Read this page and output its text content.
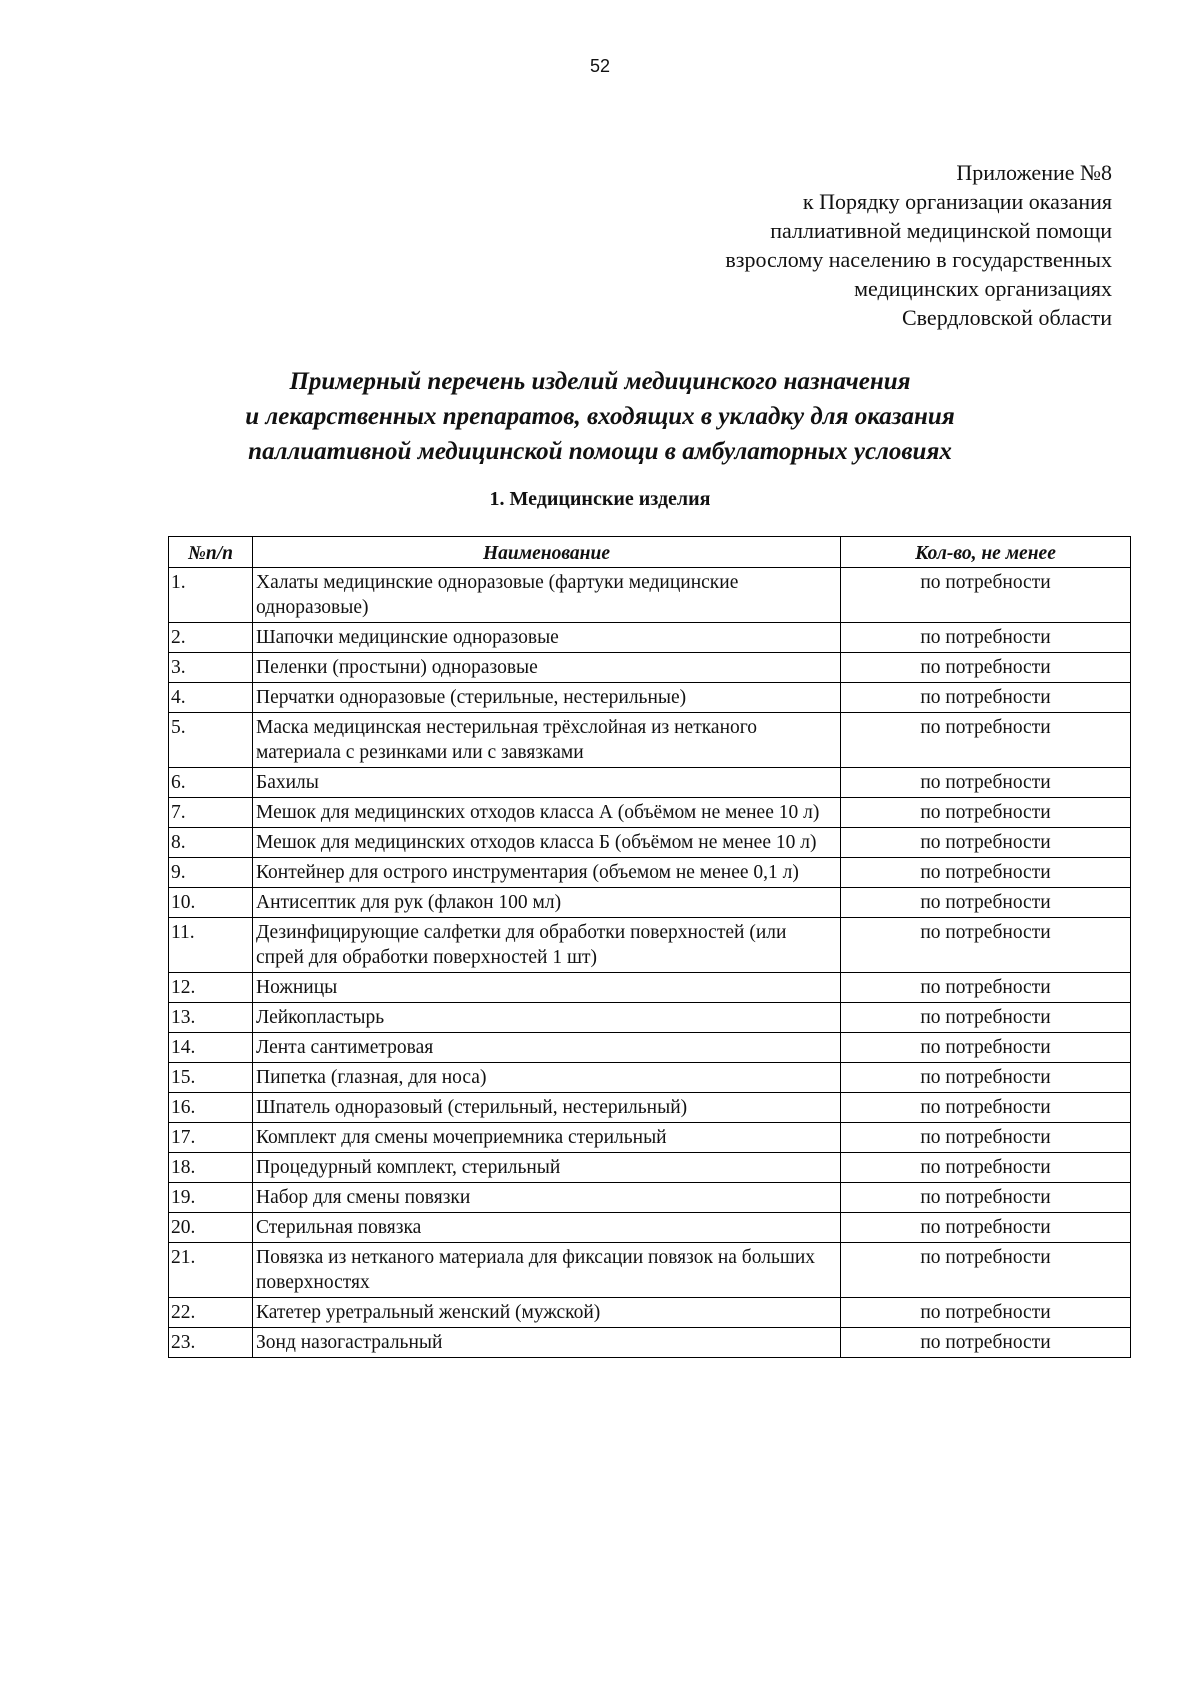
52
Приложение №8
к Порядку организации оказания
паллиативной медицинской помощи
взрослому населению в государственных
медицинских организациях
Свердловской области
Примерный перечень изделий медицинского назначения
и лекарственных препаратов, входящих в укладку для оказания
паллиативной медицинской помощи в амбулаторных условиях
1. Медицинские изделия
№п/п	Наименование	Кол-во, не менее
1.	Халаты медицинские одноразовые (фартуки медицинские одноразовые)	по потребности
2.	Шапочки медицинские одноразовые	по потребности
3.	Пеленки (простыни) одноразовые	по потребности
4.	Перчатки одноразовые (стерильные, нестерильные)	по потребности
5.	Маска медицинская нестерильная трёхслойная из нетканого материала с резинками или с завязками	по потребности
6.	Бахилы	по потребности
7.	Мешок для медицинских отходов класса А (объёмом не менее 10 л)	по потребности
8.	Мешок для медицинских отходов класса Б (объёмом не менее 10 л)	по потребности
9.	Контейнер для острого инструментария (объемом не менее 0,1 л)	по потребности
10.	Антисептик для рук (флакон 100 мл)	по потребности
11.	Дезинфицирующие салфетки для обработки поверхностей (или спрей для обработки поверхностей 1 шт)	по потребности
12.	Ножницы	по потребности
13.	Лейкопластырь	по потребности
14.	Лента сантиметровая	по потребности
15.	Пипетка (глазная, для носа)	по потребности
16.	Шпатель одноразовый (стерильный, нестерильный)	по потребности
17.	Комплект для смены мочеприемника стерильный	по потребности
18.	Процедурный комплект, стерильный	по потребности
19.	Набор для смены повязки	по потребности
20.	Стерильная повязка	по потребности
21.	Повязка из нетканого материала для фиксации повязок на больших поверхностях	по потребности
22.	Катетер уретральный женский (мужской)	по потребности
23.	Зонд назогастральный	по потребности
